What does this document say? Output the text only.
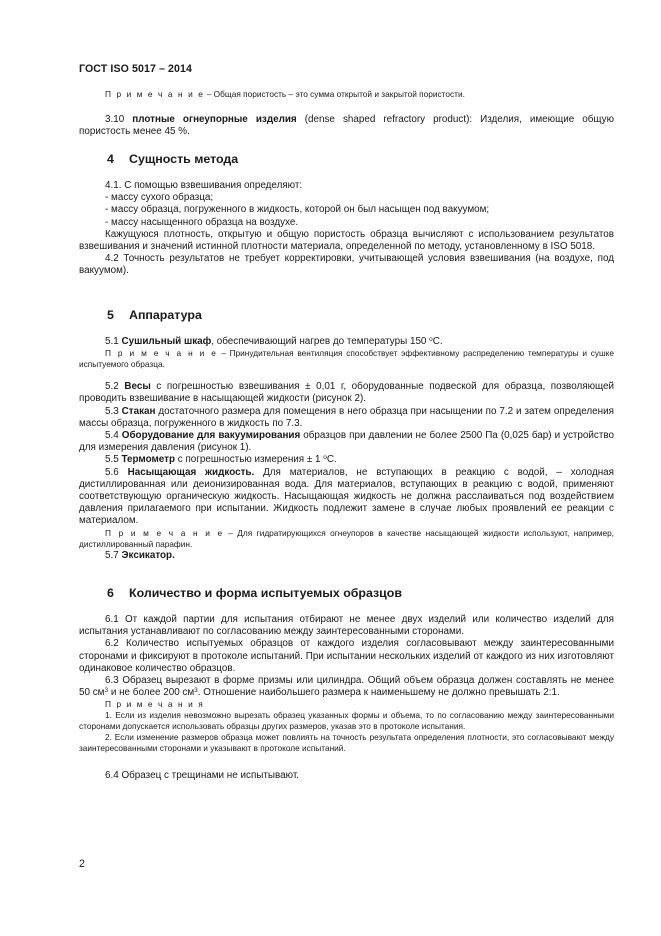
ГОСТ ISO 5017 – 2014

П р и м е ч а н и е – Общая пористость – это сумма открытой и закрытой пористости.

3.10 плотные огнеупорные изделия (dense shaped refractory product): Изделия, имеющие общую пористость менее 45 %.

4 Сущность метода

4.1. С помощью взвешивания определяют:

- массу сухого образца;

- массу образца, погруженного в жидкость, которой он был насыщен под вакуумом;

- массу насыщенного образца на воздухе.

Кажущуюся плотность, открытую и общую пористость образца вычисляют с использованием результатов взвешивания и значений истинной плотности материала, определенной по методу, установленному в ISO 5018.

4.2 Точность результатов не требует корректировки, учитывающей условия взвешивания (на воздухе, под вакуумом).

5 Аппаратура

5.1 Сушильный шкаф, обеспечивающий нагрев до температуры 150 $^o$C.

П р и м е ч а н и е – Принудительная вентиляция способствует эффективному распределению температуры и сушке испытуемого образца.

5.2 Весы с погрешностью взвешивания ± 0,01 г, оборудованные подвеской для образца, позволяющей проводить взвешивание в насыщающей жидкости (рисунок 2).

5.3 Стакан достаточного размера для помещения в него образца при насыщении по 7.2 и затем определения массы образца, погруженного в жидкость по 7.3.

5.4 Оборудование для вакуумирования образцов при давлении не более 2500 Па (0,025 бар) и устройство для измерения давления (рисунок 1).

5.5 Термометр с погрешностью измерения ± 1 $^о$С.

5.6 Насыщающая жидкость. Для материалов, не вступающих в реакцию с водой, – холодная дистиллированная или деионизированная вода. Для материалов, вступающих в реакцию с водой, применяют соответствующую органическую жидкость. Насыщающая жидкость не должна расслаиваться под воздействием давления прилагаемого при испытании. Жидкость подлежит замене в случае любых проявлений ее реакции с материалом.

П р и м е ч а н и е – Для гидратирующихся огнеупоров в качестве насыщающей жидкости используют, например, дистиллированный парафин.

5.7 Эксикатор.

6 Количество и форма испытуемых образцов

6.1 От каждой партии для испытания отбирают не менее двух изделий или количество изделий для испытания устанавливают по согласованию между заинтересованными сторонами.

6.2 Количество испытуемых образцов от каждого изделия согласовывают между заинтересованными сторонами и фиксируют в протоколе испытаний. При испытании нескольких изделий от каждого из них изготовляют одинаковое количество образцов.

6.3 Образец вырезают в форме призмы или цилиндра. Общий объем образца должен составлять не менее 50 $см^3$ и не более 200 $см^3$. Отношение наибольшего размера к наименьшему не должно превышать 2:1.

П р и м е ч а н и я

1. Если из изделия невозможно вырезать образец указанных формы и объема, то по согласованию между заинтересованными сторонами допускается использовать образцы других размеров, указав это в протоколе испытания.

2. Если изменение размеров образца может повлиять на точность результата определения плотности, это согласовывают между заинтересованными сторонами и указывают в протоколе испытаний.

6.4 Образец с трещинами не испытывают.

2
